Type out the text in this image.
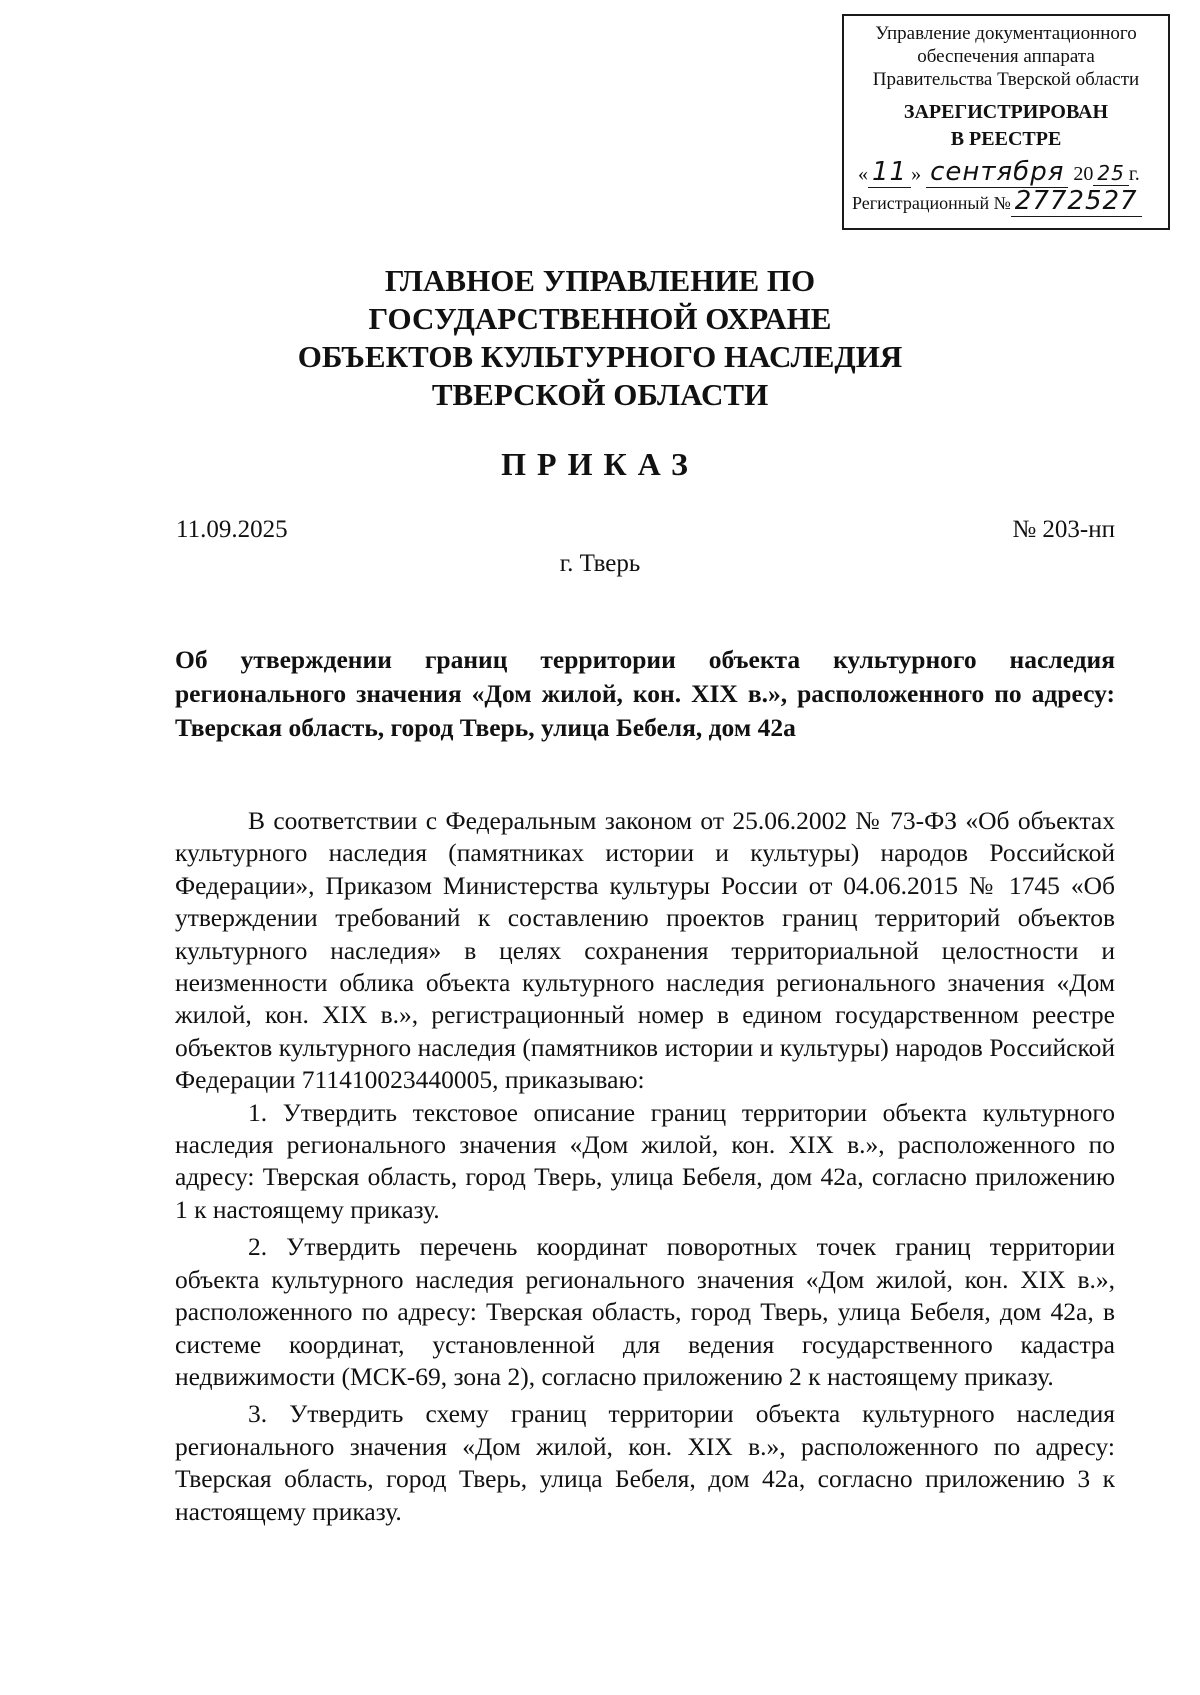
Управление документационного
обеспечения аппарата
Правительства Тверской области
ЗАРЕГИСТРИРОВАН
В РЕЕСТРЕ
« 11 » сентября 20 25 г.
Регистрационный № 2772527
ГЛАВНОЕ УПРАВЛЕНИЕ ПО
ГОСУДАРСТВЕННОЙ ОХРАНЕ
ОБЪЕКТОВ КУЛЬТУРНОГО НАСЛЕДИЯ
ТВЕРСКОЙ ОБЛАСТИ
ПРИКАЗ
11.09.2025	№ 203-нп
г. Тверь
Об утверждении границ территории объекта культурного наследия регионального значения «Дом жилой, кон. XIX в.», расположенного по адресу: Тверская область, город Тверь, улица Бебеля, дом 42а

В соответствии с Федеральным законом от 25.06.2002 № 73-ФЗ «Об объектах культурного наследия (памятниках истории и культуры) народов Российской Федерации», Приказом Министерства культуры России от 04.06.2015 № 1745 «Об утверждении требований к составлению проектов границ территорий объектов культурного наследия» в целях сохранения территориальной целостности и неизменности облика объекта культурного наследия регионального значения «Дом жилой, кон. XIX в.», регистрационный номер в едином государственном реестре объектов культурного наследия (памятников истории и культуры) народов Российской Федерации 711410023440005, приказываю:

1. Утвердить текстовое описание границ территории объекта культурного наследия регионального значения «Дом жилой, кон. XIX в.», расположенного по адресу: Тверская область, город Тверь, улица Бебеля, дом 42а, согласно приложению 1 к настоящему приказу.

2. Утвердить перечень координат поворотных точек границ территории объекта культурного наследия регионального значения «Дом жилой, кон. XIX в.», расположенного по адресу: Тверская область, город Тверь, улица Бебеля, дом 42а, в системе координат, установленной для ведения государственного кадастра недвижимости (МСК-69, зона 2), согласно приложению 2 к настоящему приказу.

3. Утвердить схему границ территории объекта культурного наследия регионального значения «Дом жилой, кон. XIX в.», расположенного по адресу: Тверская область, город Тверь, улица Бебеля, дом 42а, согласно приложению 3 к настоящему приказу.
